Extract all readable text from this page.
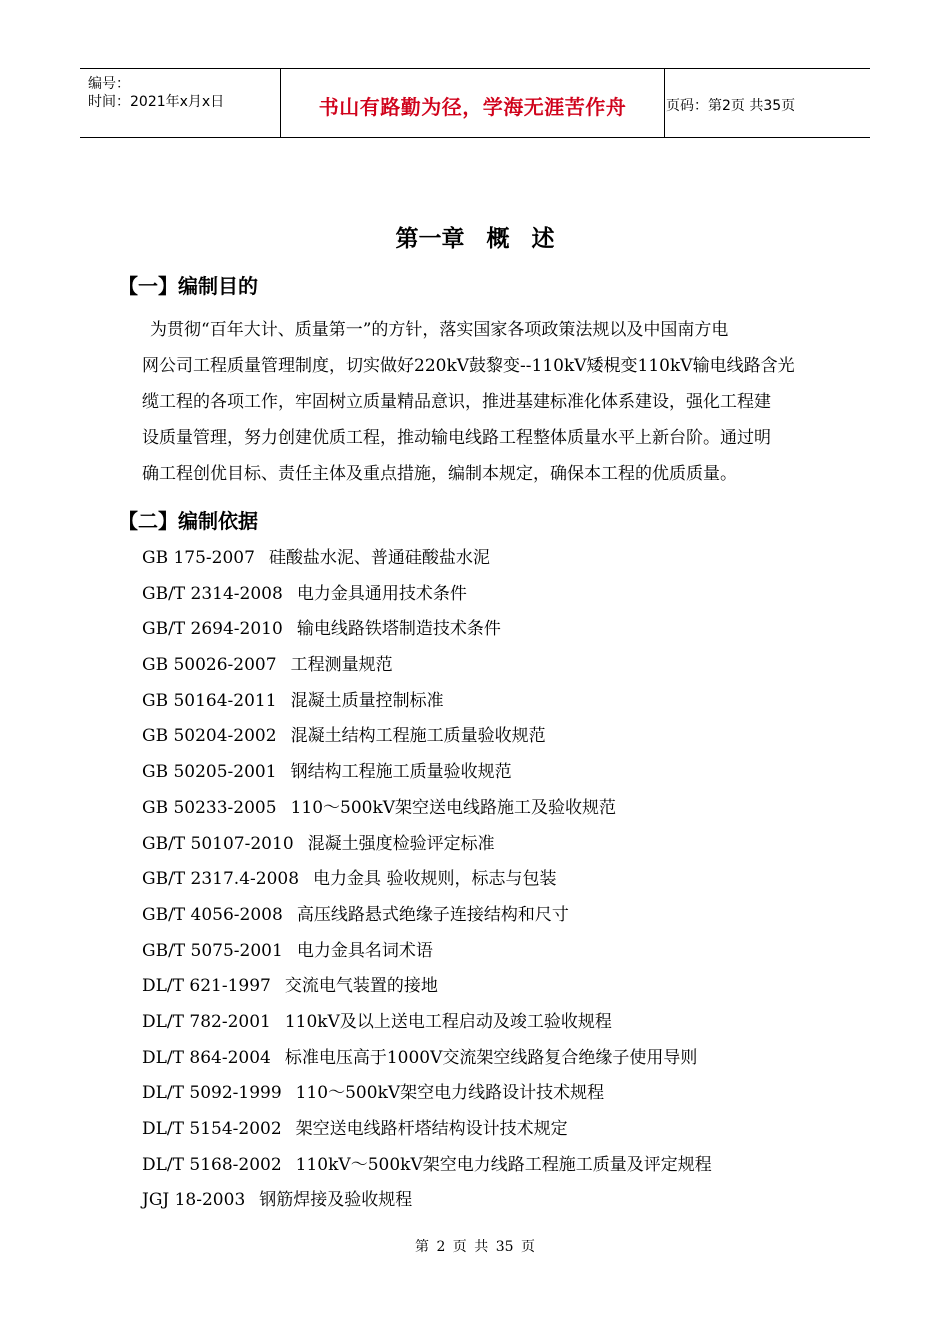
编号：
时间：2021年x月x日	书山有路勤为径，学海无涯苦作舟	页码：第2页 共35页
第一章 概 述
【一】编制目的
为贯彻“百年大计、质量第一”的方针，落实国家各项政策法规以及中国南方电
网公司工程质量管理制度，切实做好220kV鼓黎变--110kV矮梘变110kV输电线路含光
缆工程的各项工作，牢固树立质量精品意识，推进基建标准化体系建设，强化工程建
设质量管理，努力创建优质工程，推动输电线路工程整体质量水平上新台阶。通过明
确工程创优目标、责任主体及重点措施，编制本规定，确保本工程的优质质量。
【二】编制依据
GB 175-2007 硅酸盐水泥、普通硅酸盐水泥
GB/T 2314-2008 电力金具通用技术条件
GB/T 2694-2010 输电线路铁塔制造技术条件
GB 50026-2007 工程测量规范
GB 50164-2011 混凝土质量控制标准
GB 50204-2002 混凝土结构工程施工质量验收规范
GB 50205-2001 钢结构工程施工质量验收规范
GB 50233-2005 110～500kV架空送电线路施工及验收规范
GB/T 50107-2010 混凝土强度检验评定标准
GB/T 2317.4-2008 电力金具 验收规则，标志与包装
GB/T 4056-2008 高压线路悬式绝缘子连接结构和尺寸
GB/T 5075-2001 电力金具名词术语
DL/T 621-1997 交流电气装置的接地
DL/T 782-2001 110kV及以上送电工程启动及竣工验收规程
DL/T 864-2004 标准电压高于1000V交流架空线路复合绝缘子使用导则
DL/T 5092-1999 110～500kV架空电力线路设计技术规程
DL/T 5154-2002 架空送电线路杆塔结构设计技术规定
DL/T 5168-2002 110kV～500kV架空电力线路工程施工质量及评定规程
JGJ 18-2003 钢筋焊接及验收规程
第 2 页 共 35 页
